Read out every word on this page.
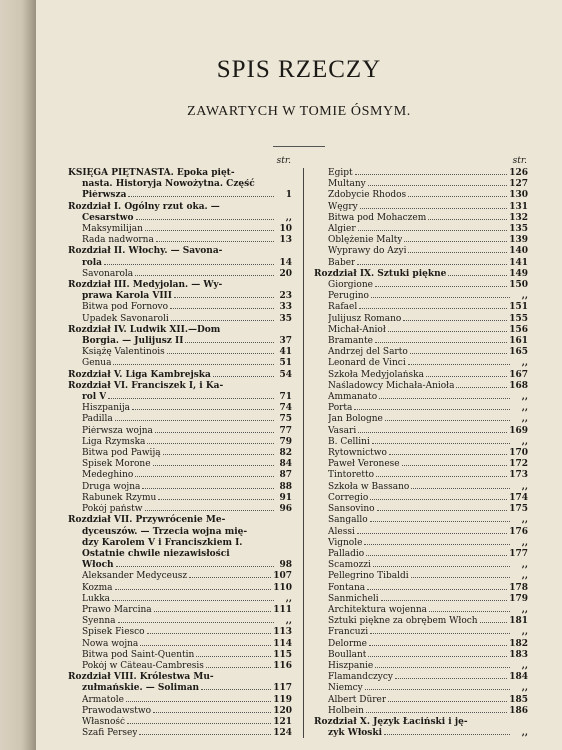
SPIS RZECZY
ZAWARTYCH W TOMIE ÓSMYM.
str.
KSIĘGA PIĘTNASTA. Epoka pięt-
nasta. Historyja Nowożytna. Część
Piérwsza	1
Rozdział I. Ogólny rzut oka. —
Cesarstwo	,,
Maksymilijan	10
Rada nadworna	13
Rozdział II. Włochy. — Savona-
rola	14
Savonarola	20
Rozdział III. Medyjolan. — Wy-
prawa Karola VIII	23
Bitwa pod Fornovo	33
Upadek Savonaroli	35
Rozdział IV. Ludwik XII.—Dom
Borgia. — Julijusz II	37
Książę Valentinois	41
Genua	51
Rozdział V. Liga Kambrejska	54
Rozdział VI. Franciszek I, i Ka-
rol V	71
Hiszpanija	74
Padilla	75
Piérwsza wojna	77
Liga Rzymska	79
Bitwa pod Pawiją	82
Spisek Morone	84
Medeghino	87
Druga wojna	88
Rabunek Rzymu	91
Pokój państw	96
Rozdział VII. Przywrócenie Me-
dyceuszów. — Trzecia wojna mię-
dzy Karolem V i Franciszkiem I.
Ostatnie chwile niezawisłości
Włoch	98
Aleksander Medyceusz	107
Kozma	110
Lukka	,,
Prawo Marcina	111
Syenna	,,
Spisek Fiesco	113
Nowa wojna	114
Bitwa pod Saint-Quentin	115
Pokój w Câteau-Cambresis	116
Rozdział VIII. Królestwa Mu-
zułmańskie. — Soliman	117
Armatole	119
Prawodawstwo	120
Własność	121
Szafi Persey	124
str.
Egipt	126
Multany	127
Zdobycie Rhodos	130
Węgry	131
Bitwa pod Mohaczem	132
Algier	135
Oblężenie Malty	139
Wyprawy do Azyi	140
Baber	141
Rozdział IX. Sztuki piękne	149
Giorgione	150
Perugino	,,
Rafael	151
Julijusz Romano	155
Michał-Anioł	156
Bramante	161
Andrzej del Sarto	165
Leonard de Vinci	,,
Szkoła Medyjolańska	167
Naśladowcy Michała-Anioła	168
Ammanato	,,
Porta	,,
Jan Bologne	,,
Vasari	169
B. Cellini	,,
Rytownictwo	170
Paweł Veronese	172
Tintoretto	173
Szkoła w Bassano	,,
Corregio	174
Sansovino	175
Sangallo	,,
Alessi	176
Vignole	,,
Palladio	177
Scamozzi	,,
Pellegrino Tibaldi	,,
Fontana	178
Sanmicheli	179
Architektura wojenna	,,
Sztuki piękne za obrębem Włoch	181
Francuzi	,,
Delorme	182
Boullant	183
Hiszpanie	,,
Flamandczycy	184
Niemcy	,,
Albert Dürer	185
Holbein	186
Rozdział X. Język Łaciński i ję-
zyk Włoski	,,
